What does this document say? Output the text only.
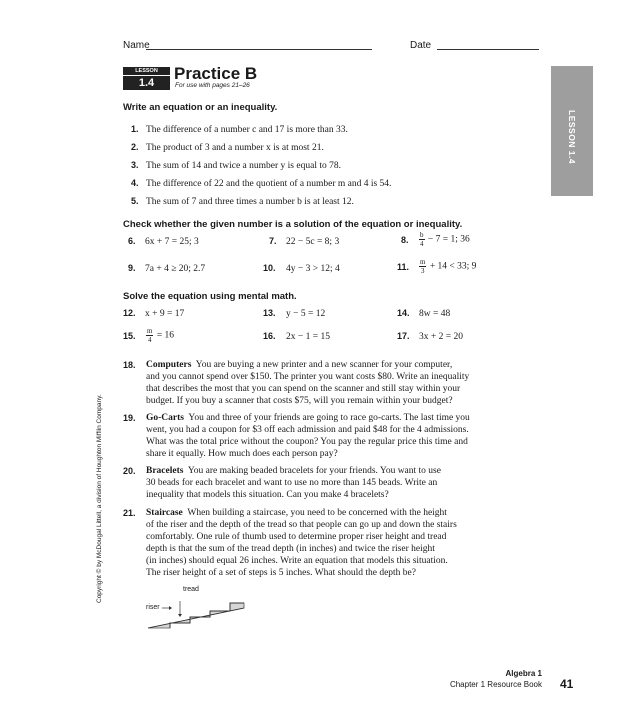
Name	Date
LESSON
1.4	Practice B
For use with pages 21–26
LESSON 1.4
Copyright © by McDougal Littell, a division of Houghton Mifflin Company.
Write an equation or an inequality.
1. The difference of a number c and 17 is more than 33.
2. The product of 3 and a number x is at most 21.
3. The sum of 14 and twice a number y is equal to 78.
4. The difference of 22 and the quotient of a number m and 4 is 54.
5. The sum of 7 and three times a number b is at least 12.
Check whether the given number is a solution of the equation or inequality.
6. 6x + 7 = 25; 3	7. 22 − 5c = 8; 3	8. $\frac{b}{4} - 7 = 1$; 36
9. 7a + 4 ≥ 20; 2.7	10. 4y − 3 > 12; 4	11. $\frac{m}{3} + 14 < 33$; 9
Solve the equation using mental math.
12. x + 9 = 17	13. y − 5 = 12	14. 8w = 48
15. $\frac{m}{4} = 16$	16. 2x − 1 = 15	17. 3x + 2 = 20
18. Computers You are buying a new printer and a new scanner for your computer,
and you cannot spend over $150. The printer you want costs $80. Write an inequality
that describes the most that you can spend on the scanner and still stay within your
budget. If you buy a scanner that costs $75, will you remain within your budget?
19. Go-Carts You and three of your friends are going to race go-carts. The last time you
went, you had a coupon for $3 off each admission and paid $48 for the 4 admissions.
What was the total price without the coupon? You pay the regular price this time and
share it equally. How much does each person pay?
20. Bracelets You are making beaded bracelets for your friends. You want to use
30 beads for each bracelet and want to use no more than 145 beads. Write an
inequality that models this situation. Can you make 4 bracelets?
21. Staircase When building a staircase, you need to be concerned with the height
of the riser and the depth of the tread so that people can go up and down the stairs
comfortably. One rule of thumb used to determine proper riser height and tread
depth is that the sum of the tread depth (in inches) and twice the riser height
(in inches) should equal 26 inches. Write an equation that models this situation.
The riser height of a set of steps is 5 inches. What should the depth be?
tread
riser
Algebra 1
Chapter 1 Resource Book 41
